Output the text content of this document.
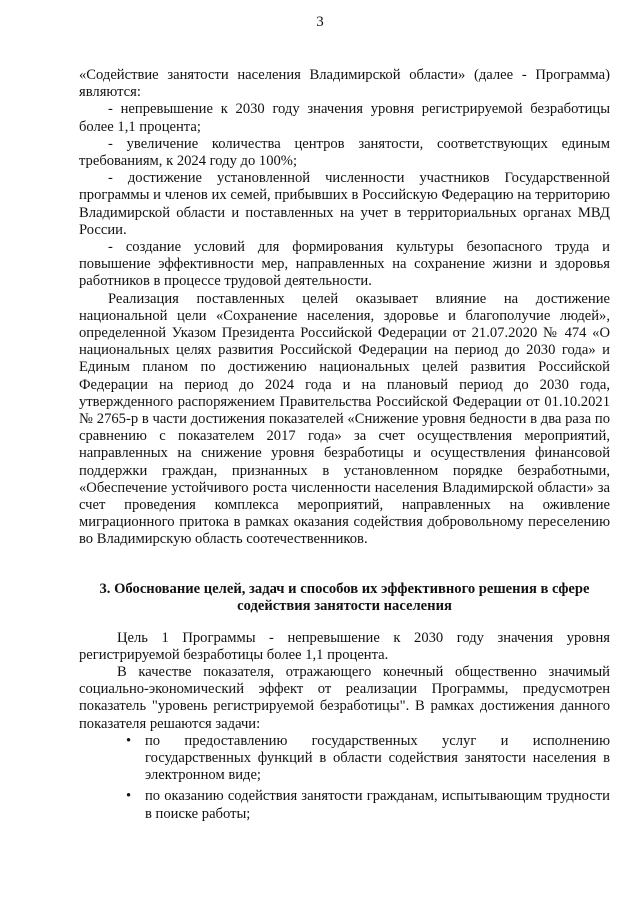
3

«Содействие занятости населения Владимирской области» (далее - Программа) являются:

- непревышение к 2030 году значения уровня регистрируемой безработицы более 1,1 процента;

- увеличение количества центров занятости, соответствующих единым требованиям, к 2024 году до 100%;

- достижение установленной численности участников Государственной программы и членов их семей, прибывших в Российскую Федерацию на территорию Владимирской области и поставленных на учет в территориальных органах МВД России.

- создание условий для формирования культуры безопасного труда и повышение эффективности мер, направленных на сохранение жизни и здоровья работников в процессе трудовой деятельности.

Реализация поставленных целей оказывает влияние на достижение национальной цели «Сохранение населения, здоровье и благополучие людей», определенной Указом Президента Российской Федерации от 21.07.2020 № 474 «О национальных целях развития Российской Федерации на период до 2030 года» и Единым планом по достижению национальных целей развития Российской Федерации на период до 2024 года и на плановый период до 2030 года, утвержденного распоряжением Правительства Российской Федерации от 01.10.2021 № 2765-р в части достижения показателей «Снижение уровня бедности в два раза по сравнению с показателем 2017 года» за счет осуществления мероприятий, направленных на снижение уровня безработицы и осуществления финансовой поддержки граждан, признанных в установленном порядке безработными, «Обеспечение устойчивого роста численности населения Владимирской области» за счет проведения комплекса мероприятий, направленных на оживление миграционного притока в рамках оказания содействия добровольному переселению во Владимирскую область соотечественников.

3. Обоснование целей, задач и способов их эффективного решения в сфере содействия занятости населения

Цель 1 Программы - непревышение к 2030 году значения уровня регистрируемой безработицы более 1,1 процента.

В качестве показателя, отражающего конечный общественно значимый социально-экономический эффект от реализации Программы, предусмотрен показатель "уровень регистрируемой безработицы". В рамках достижения данного показателя решаются задачи:

• по предоставлению государственных услуг и исполнению государственных функций в области содействия занятости населения в электронном виде;
• по оказанию содействия занятости гражданам, испытывающим трудности в поиске работы;
